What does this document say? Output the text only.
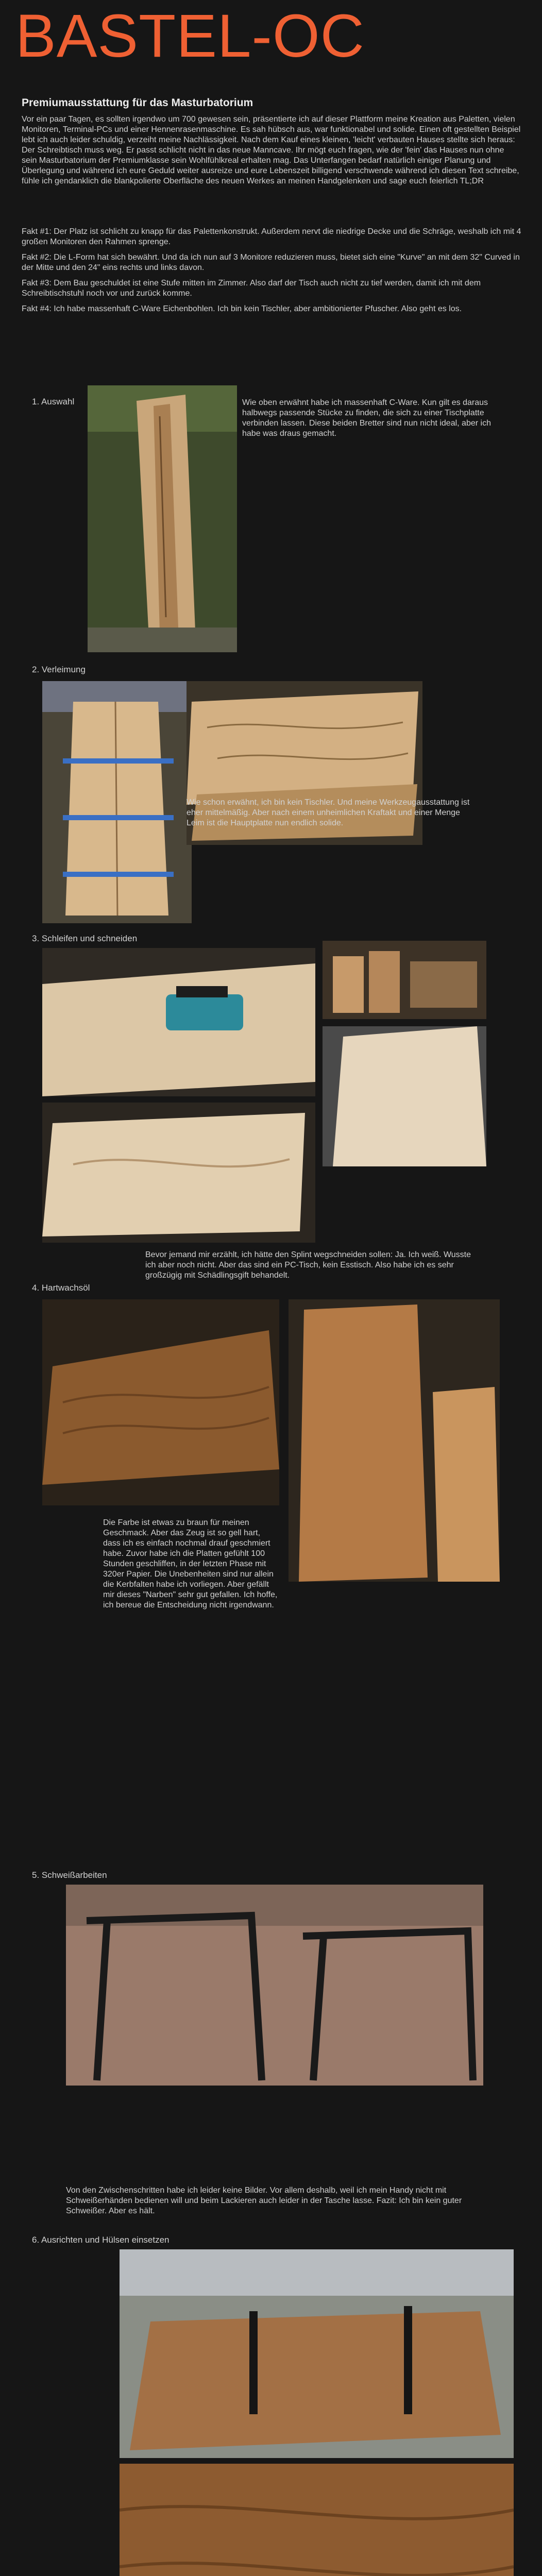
BASTEL-OC
Premiumausstattung für das Masturbatorium

Vor ein paar Tagen, es sollten irgendwo um 700 gewesen sein, präsentierte ich auf dieser Plattform meine Kreation aus Paletten, vielen Monitoren, Terminal-PCs und einer Hennenrasenmaschine. Es sah hübsch aus, war funktionabel und solide. Einen oft gestellten Beispiel lebt ich auch leider schuldig, verzeiht meine Nachlässigkeit. Nach dem Kauf eines kleinen, 'leicht' verbauten Hauses stellte sich heraus: Der Schreibtisch muss weg. Er passt schlicht nicht in das neue Manncave. Ihr mögt euch fragen, wie der 'fein' das Hauses nun ohne sein Masturbatorium der Premiumklasse sein Wohlfühlkreal erhalten mag. Das Unterfangen bedarf natürlich einiger Planung und Überlegung und während ich eure Geduld weiter ausreize und eure Lebenszeit billigend verschwende während ich diesen Text schreibe, fühle ich gendanklich die blankpolierte Oberfläche des neuen Werkes an meinen Handgelenken und sage euch feierlich TL;DR

Fakt #1: Der Platz ist schlicht zu knapp für das Palettenkonstrukt. Außerdem nervt die niedrige Decke und die Schräge, weshalb ich mit 4 großen Monitoren den Rahmen sprenge.

Fakt #2: Die L-Form hat sich bewährt. Und da ich nun auf 3 Monitore reduzieren muss, bietet sich eine "Kurve" an mit dem 32" Curved in der Mitte und den 24" eins rechts und links davon.

Fakt #3: Dem Bau geschuldet ist eine Stufe mitten im Zimmer. Also darf der Tisch auch nicht zu tief werden, damit ich mit dem Schreibtischstuhl noch vor und zurück komme.

Fakt #4: Ich habe massenhaft C-Ware Eichenbohlen. Ich bin kein Tischler, aber ambitionierter Pfuscher. Also geht es los.

1. Auswahl	Wie oben erwähnt habe ich massenhaft C-Ware. Kun gilt es daraus halbwegs passende Stücke zu finden, die sich zu einer Tischplatte verbinden lassen. Diese beiden Bretter sind nun nicht ideal, aber ich habe was draus gemacht.

2. Verleimung

Wie schon erwähnt, ich bin kein Tischler. Und meine Werkzeugausstattung ist eher mittelmäßig. Aber nach einem unheimlichen Kraftakt und einer Menge Leim ist die Hauptplatte nun endlich solide.

3. Schleifen und schneiden

Bevor jemand mir erzählt, ich hätte den Splint wegschneiden sollen: Ja. Ich weiß. Wusste ich aber noch nicht. Aber das sind ein PC-Tisch, kein Esstisch. Also habe ich es sehr großzügig mit Schädlingsgift behandelt.

4. Hartwachsöl

Die Farbe ist etwas zu braun für meinen Geschmack. Aber das Zeug ist so gell hart, dass ich es einfach nochmal drauf geschmiert habe. Zuvor habe ich die Platten gefühlt 100 Stunden geschliffen, in der letzten Phase mit 320er Papier. Die Unebenheiten sind nur allein die Kerbfalten habe ich vorliegen. Aber gefällt mir dieses "Narben" sehr gut gefallen. Ich hoffe, ich bereue die Entscheidung nicht irgendwann.

5. Schweißarbeiten

Von den Zwischenschritten habe ich leider keine Bilder. Vor allem deshalb, weil ich mein Handy nicht mit Schweißerhänden bedienen will und beim Lackieren auch leider in der Tasche lasse. Fazit: Ich bin kein guter Schweißer. Aber es hält.

6. Ausrichten und Hülsen einsetzen
